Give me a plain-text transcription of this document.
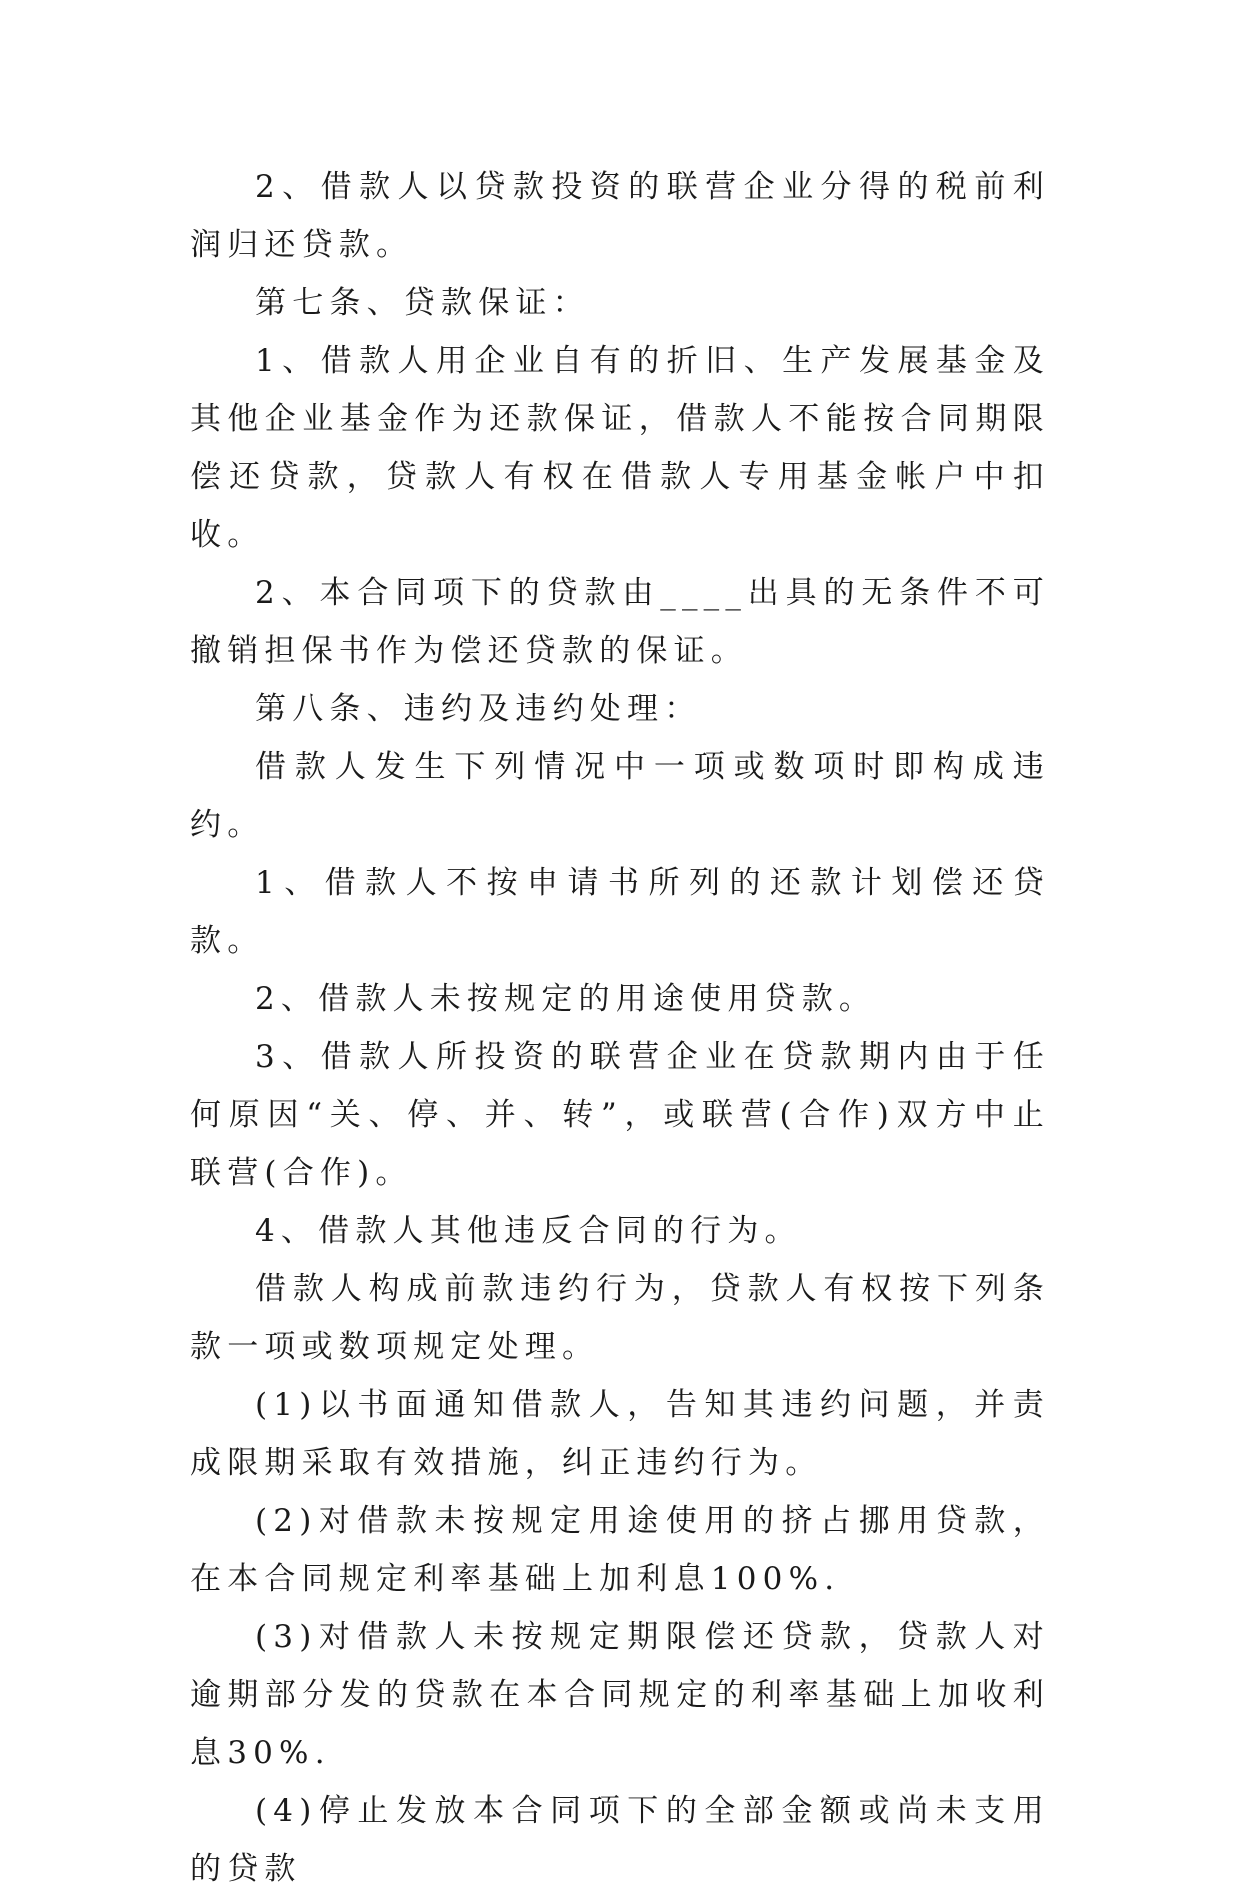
2、借款人以贷款投资的联营企业分得的税前利润归还贷款。

第七条、贷款保证：

1、借款人用企业自有的折旧、生产发展基金及其他企业基金作为还款保证，借款人不能按合同期限偿还贷款，贷款人有权在借款人专用基金帐户中扣收。

2、本合同项下的贷款由____出具的无条件不可撤销担保书作为偿还贷款的保证。

第八条、违约及违约处理：

借款人发生下列情况中一项或数项时即构成违约。

1、借款人不按申请书所列的还款计划偿还贷款。

2、借款人未按规定的用途使用贷款。

3、借款人所投资的联营企业在贷款期内由于任何原因“关、停、并、转”，或联营(合作)双方中止联营(合作)。

4、借款人其他违反合同的行为。

借款人构成前款违约行为，贷款人有权按下列条款一项或数项规定处理。

(1)以书面通知借款人，告知其违约问题，并责成限期采取有效措施，纠正违约行为。

(2)对借款未按规定用途使用的挤占挪用贷款，在本合同规定利率基础上加利息100%.

(3)对借款人未按规定期限偿还贷款，贷款人对逾期部分发的贷款在本合同规定的利率基础上加收利息30%.

(4)停止发放本合同项下的全部金额或尚未支用的贷款
